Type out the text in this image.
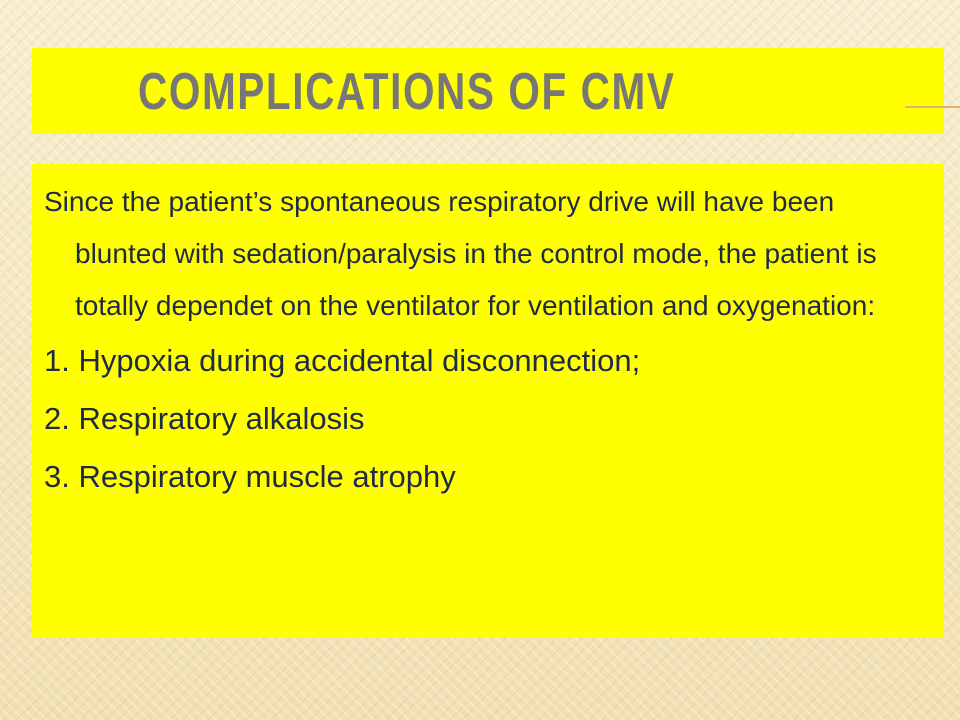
COMPLICATIONS OF CMV

Since the patient’s spontaneous respiratory drive will have been blunted with sedation/paralysis in the control mode, the patient is totally dependet on the ventilator for ventilation and oxygenation:

1. Hypoxia during accidental disconnection;

2. Respiratory alkalosis

3. Respiratory muscle atrophy
